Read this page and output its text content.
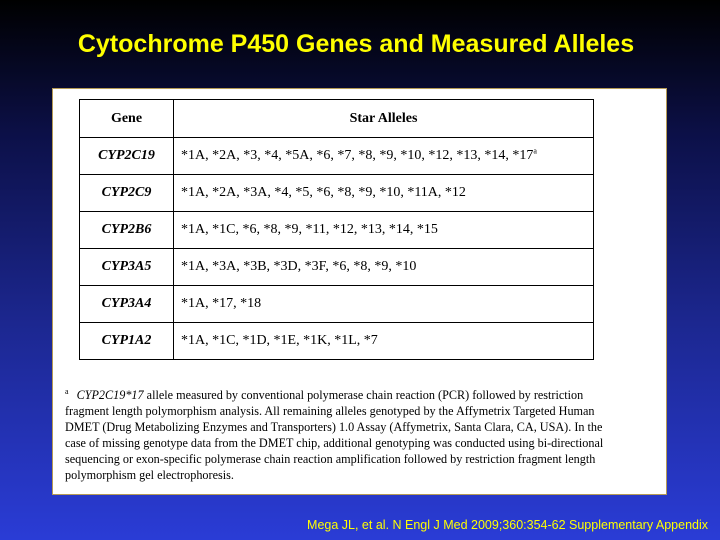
Cytochrome P450 Genes and Measured Alleles
Gene	Star Alleles
CYP2C19	*1A, *2A, *3, *4, *5A, *6, *7, *8, *9, *10, *12, *13, *14, *17$^a$
CYP2C9	*1A, *2A, *3A, *4, *5, *6, *8, *9, *10, *11A, *12
CYP2B6	*1A, *1C, *6, *8, *9, *11, *12, *13, *14, *15
CYP3A5	*1A, *3A, *3B, *3D, *3F, *6, *8, *9, *10
CYP3A4	*1A, *17, *18
CYP1A2	*1A, *1C, *1D, *1E, *1K, *1L, *7
$^a$ CYP2C19*17 allele measured by conventional polymerase chain reaction (PCR) followed by restriction
fragment length polymorphism analysis. All remaining alleles genotyped by the Affymetrix Targeted Human
DMET (Drug Metabolizing Enzymes and Transporters) 1.0 Assay (Affymetrix, Santa Clara, CA, USA). In the
case of missing genotype data from the DMET chip, additional genotyping was conducted using bi-directional
sequencing or exon-specific polymerase chain reaction amplification followed by restriction fragment length
polymorphism gel electrophoresis.
Mega JL, et al. N Engl J Med 2009;360:354-62 Supplementary Appendix
